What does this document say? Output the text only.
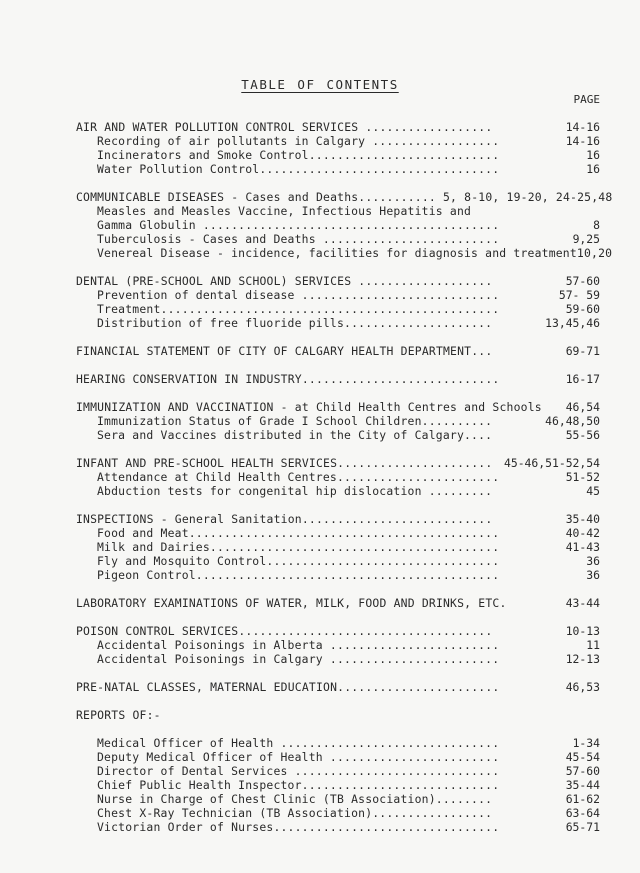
TABLE OF CONTENTS
PAGE
AIR AND WATER POLLUTION CONTROL SERVICES ..................	14-16
Recording of air pollutants in Calgary ..................	14-16
Incinerators and Smoke Control...........................	16
Water Pollution Control..................................	16
COMMUNICABLE DISEASES - Cases and Deaths........... 5, 8-10, 19-20, 24-25,48
Measles and Measles Vaccine, Infectious Hepatitis and
Gamma Globulin ..........................................	8
Tuberculosis - Cases and Deaths .........................	9,25
Venereal Disease - incidence, facilities for diagnosis and treatment10,20
DENTAL (PRE-SCHOOL AND SCHOOL) SERVICES ...................	57-60
Prevention of dental disease ............................	57- 59
Treatment................................................	59-60
Distribution of free fluoride pills.....................	13,45,46
FINANCIAL STATEMENT OF CITY OF CALGARY HEALTH DEPARTMENT...	69-71
HEARING CONSERVATION IN INDUSTRY............................	16-17
IMMUNIZATION AND VACCINATION - at Child Health Centres and Schools 46,54
Immunization Status of Grade I School Children..........	46,48,50
Sera and Vaccines distributed in the City of Calgary....	55-56
INFANT AND PRE-SCHOOL HEALTH SERVICES...................... 45-46,51-52,54
Attendance at Child Health Centres.......................	51-52
Abduction tests for congenital hip dislocation .........	45
INSPECTIONS - General Sanitation...........................	35-40
Food and Meat............................................	40-42
Milk and Dairies.........................................	41-43
Fly and Mosquito Control.................................	36
Pigeon Control...........................................	36
LABORATORY EXAMINATIONS OF WATER, MILK, FOOD AND DRINKS, ETC.	43-44
POISON CONTROL SERVICES....................................	10-13
Accidental Poisonings in Alberta ........................	11
Accidental Poisonings in Calgary ........................	12-13
PRE-NATAL CLASSES, MATERNAL EDUCATION.......................	46,53
REPORTS OF:-
Medical Officer of Health ...............................	1-34
Deputy Medical Officer of Health ........................	45-54
Director of Dental Services .............................	57-60
Chief Public Health Inspector............................	35-44
Nurse in Charge of Chest Clinic (TB Association)........	61-62
Chest X-Ray Technician (TB Association).................	63-64
Victorian Order of Nurses................................	65-71
